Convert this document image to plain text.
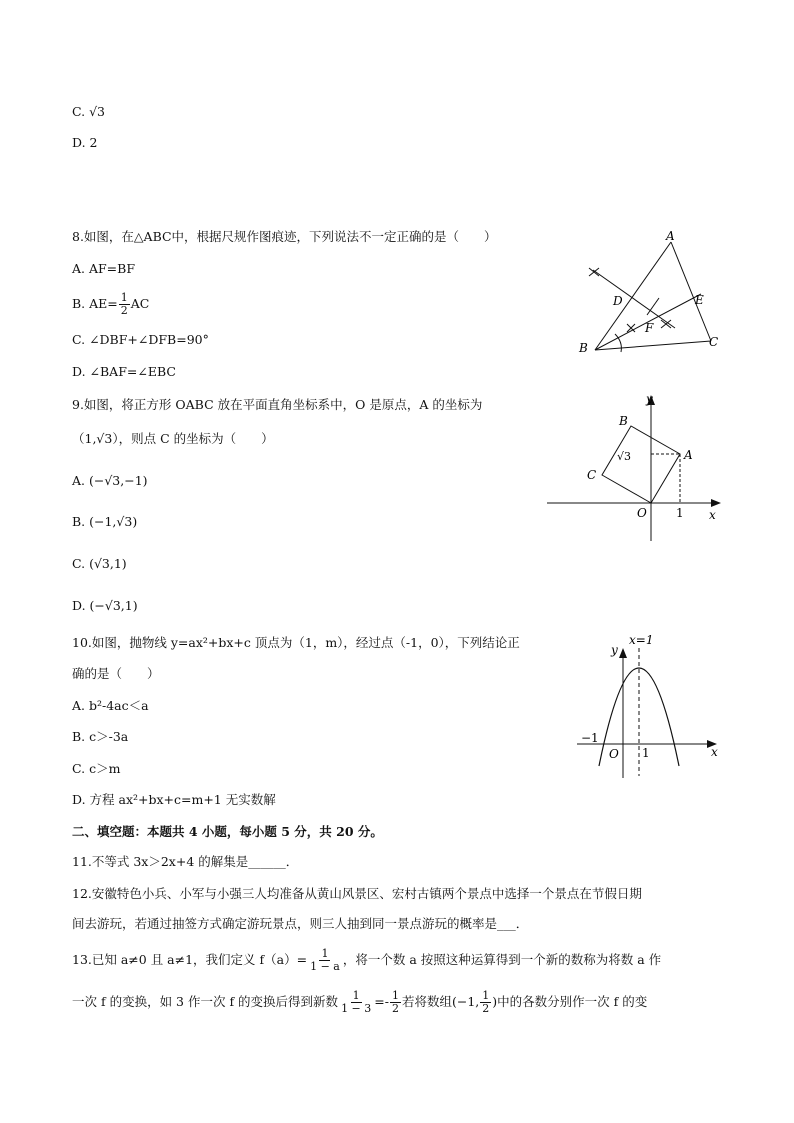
C. √3
D. 2
8.如图，在△ABC中，根据尺规作图痕迹，下列说法不一定正确的是（　　）
A. AF=BF
B. $AE= \frac{1}{2}$ AC
C. ∠DBF+∠DFB=90°
D. ∠BAF=∠EBC
A
B	C
D	E
F
9.如图，将正方形 OABC 放在平面直角坐标系中，O 是原点，A 的坐标为
（1,√3），则点 C 的坐标为（　　）
A. (−√3,−1)
B. (−1,√3)
C. (√3,1)
D. (−√3,1)
√3
y
x
B
A
C
O 1
10.如图，抛物线 y=ax²+bx+c 顶点为（1，m），经过点（-1，0），下列结论正
确的是（　　）
A. b²-4ac＜a
B. c＞-3a
C. c＞m
D. 方程 ax²+bx+c=m+1 无实数解
x=1
y
x
−1
O 1
二、填空题：本题共 4 小题，每小题 5 分，共 20 分。
11.不等式 3x＞2x+4 的解集是______．
12.安徽特色小兵、小军与小强三人均准备从黄山风景区、宏村古镇两个景点中选择一个景点在节假日期
间去游玩，若通过抽签方式确定游玩景点，则三人抽到同一景点游玩的概率是___．
13.已知 a≠0 且 a≠1，我们定义 $f(a)= \frac{1}{1 - a}$ ，将一个数 a 按照这种运算得到一个新的数称为将数 a 作
一次 f 的变换，如 3 作一次 f 的变换后得到新数 $\frac{1}{1 - 3} =- \frac{1}{2}$ 若将数组(−1, $\frac{1}{2}$ )中的各数分别作一次 f 的变
